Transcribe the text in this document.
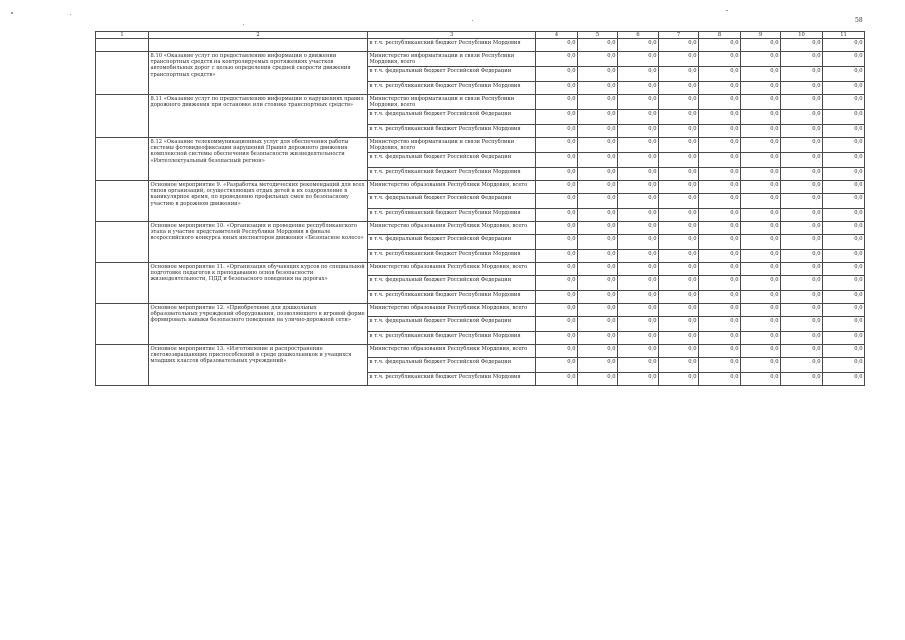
58
1	2	3	4	5	6	7	8	9	10	11
		в т.ч. республиканский бюджет Республики Мордовия	0,0	0,0	0,0	0,0	0,0	0,0	0,0	0,0
	8.10 «Оказание услуг по предоставлению информации о движении транспортных средств на контролируемых протяжениях участков автомобильных дорог с целью определения средней скорости движения транспортных средств»	Министерство информатизации и связи Республики Мордовия, всего	0,0	0,0	0,0	0,0	0,0	0,0	0,0	0,0
		в т.ч. федеральный бюджет Российской Федерации	0,0	0,0	0,0	0,0	0,0	0,0	0,0	0,0
		в т.ч. республиканский бюджет Республики Мордовия	0,0	0,0	0,0	0,0	0,0	0,0	0,0	0,0
	8.11 «Оказание услуг по предоставлению информации о нарушениях правил дорожного движения при остановке или стоянке транспортных средств»	Министерство информатизации и связи Республики Мордовия, всего	0,0	0,0	0,0	0,0	0,0	0,0	0,0	0,0
		в т.ч. федеральный бюджет Российской Федерации	0,0	0,0	0,0	0,0	0,0	0,0	0,0	0,0
		в т.ч. республиканский бюджет Республики Мордовия	0,0	0,0	0,0	0,0	0,0	0,0	0,0	0,0
	8.12 «Оказание телекоммуникационных услуг для обеспечения работы системы фотовидеофиксации нарушений Правил дорожного движения комплексной системы обеспечения безопасности жизнедеятельности «Интеллектуальный безопасный регион»	Министерство информатизации и связи Республики Мордовия, всего	0,0	0,0	0,0	0,0	0,0	0,0	0,0	0,0
		в т.ч. федеральный бюджет Российской Федерации	0,0	0,0	0,0	0,0	0,0	0,0	0,0	0,0
		в т.ч. республиканский бюджет Республики Мордовия	0,0	0,0	0,0	0,0	0,0	0,0	0,0	0,0
	Основное мероприятие 9. «Разработка методических рекомендаций для всех типов организаций, осуществляющих отдых детей и их оздоровление в каникулярное время, по проведению профильных смен по безопасному участию в дорожном движении»	Министерство образования Республики Мордовия, всего	0,0	0,0	0,0	0,0	0,0	0,0	0,0	0,0
		в т.ч. федеральный бюджет Российской Федерации	0,0	0,0	0,0	0,0	0,0	0,0	0,0	0,0
		в т.ч. республиканский бюджет Республики Мордовия	0,0	0,0	0,0	0,0	0,0	0,0	0,0	0,0
	Основное мероприятие 10. «Организация и проведение республиканского этапа и участие представителей Республики Мордовия в финале всероссийского конкурса юных инспекторов движения «Безопасное колесо»	Министерство образования Республики Мордовия, всего	0,0	0,0	0,0	0,0	0,0	0,0	0,0	0,0
		в т.ч. федеральный бюджет Российской Федерации	0,0	0,0	0,0	0,0	0,0	0,0	0,0	0,0
		в т.ч. республиканский бюджет Республики Мордовия	0,0	0,0	0,0	0,0	0,0	0,0	0,0	0,0
	Основное мероприятие 11. «Организация обучающих курсов по специальной подготовке педагогов к преподаванию основ безопасности жизнедеятельности, ПДД и безопасного поведения на дорогах»	Министерство образования Республики Мордовия, всего	0,0	0,0	0,0	0,0	0,0	0,0	0,0	0,0
		в т.ч. федеральный бюджет Российской Федерации	0,0	0,0	0,0	0,0	0,0	0,0	0,0	0,0
		в т.ч. республиканский бюджет Республики Мордовия	0,0	0,0	0,0	0,0	0,0	0,0	0,0	0,0
	Основное мероприятие 12. «Приобретение для дошкольных образовательных учреждений оборудования, позволяющего в игровой форме формировать навыки безопасного поведения на улично-дорожной сети»	Министерство образования Республики Мордовия, всего	0,0	0,0	0,0	0,0	0,0	0,0	0,0	0,0
		в т.ч. федеральный бюджет Российской Федерации	0,0	0,0	0,0	0,0	0,0	0,0	0,0	0,0
		в т.ч. республиканский бюджет Республики Мордовия	0,0	0,0	0,0	0,0	0,0	0,0	0,0	0,0
	Основное мероприятие 13. «Изготовление и распространение световозвращающих приспособлений в среде дошкольников и учащихся младших классов образовательных учреждений»	Министерство образования Республики Мордовия, всего	0,0	0,0	0,0	0,0	0,0	0,0	0,0	0,0
		в т.ч. федеральный бюджет Российской Федерации	0,0	0,0	0,0	0,0	0,0	0,0	0,0	0,0
		в т.ч. республиканский бюджет Республики Мордовия	0,0	0,0	0,0	0,0	0,0	0,0	0,0	0,0
